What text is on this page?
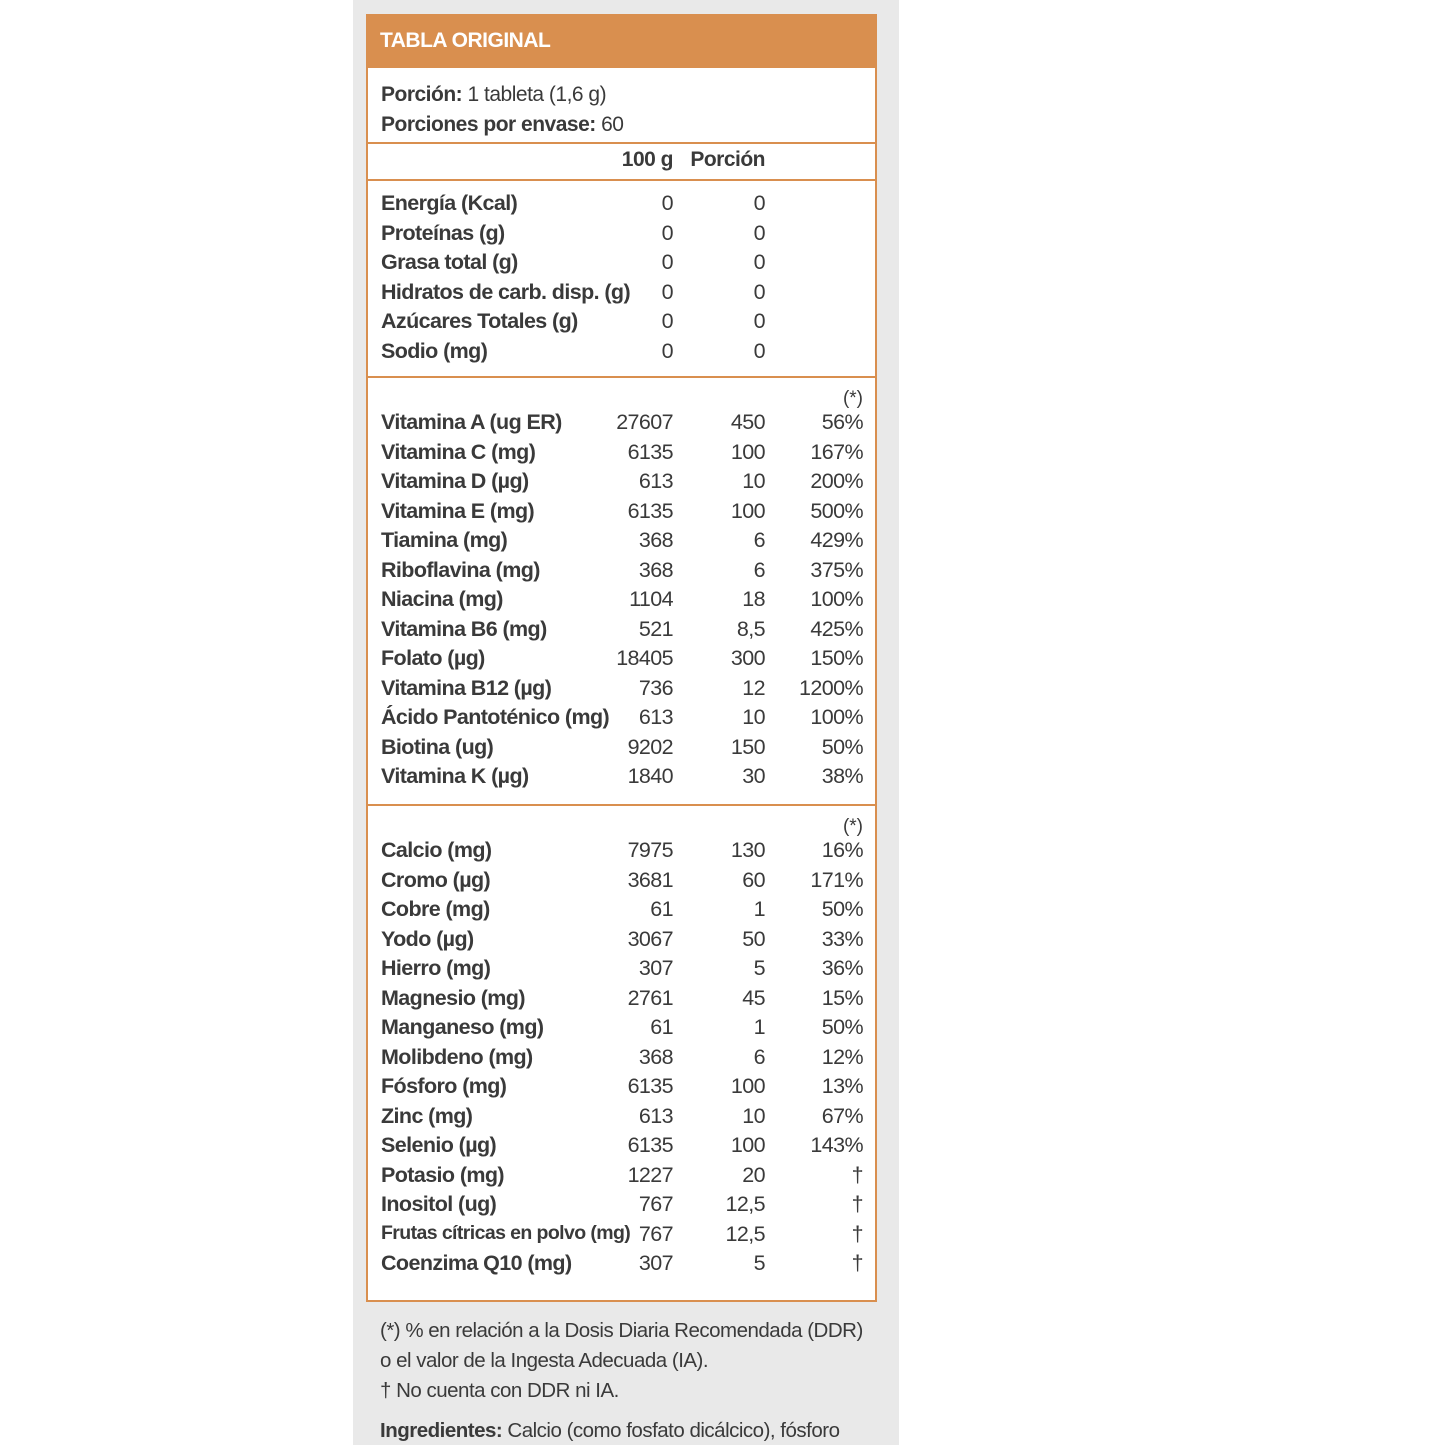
TABLA ORIGINAL
Porción: 1 tableta (1,6 g)
Porciones por envase: 60
100 g Porción
Energía (Kcal)	0	0
Proteínas (g)	0	0
Grasa total (g)	0	0
Hidratos de carb. disp. (g) 0	0
Azúcares Totales (g)	0	0
Sodio (mg)	0	0
(*)
Vitamina A (ug ER)	27607	450	56%
Vitamina C (mg)	6135	100 167%
Vitamina D (µg)	613	10 200%
Vitamina E (mg)	6135	100 500%
Tiamina (mg)	368	6 429%
Riboflavina (mg)	368	6 375%
Niacina (mg)	1104	18 100%
Vitamina B6 (mg)	521	8,5 425%
Folato (µg)	18405	300 150%
Vitamina B12 (µg)	736	12 1200%
Ácido Pantoténico (mg) 613	10 100%
Biotina (ug)	9202	150	50%
Vitamina K (µg)	1840	30	38%
(*)
Calcio (mg)	7975	130	16%
Cromo (µg)	3681	60 171%
Cobre (mg)	61	1	50%
Yodo (µg)	3067	50	33%
Hierro (mg)	307	5	36%
Magnesio (mg)	2761	45	15%
Manganeso (mg)	61	1	50%
Molibdeno (mg)	368	6	12%
Fósforo (mg)	6135	100	13%
Zinc (mg)	613	10	67%
Selenio (µg)	6135	100 143%
Potasio (mg)	1227	20	†
Inositol (ug)	767 12,5	†
Frutas cítricas en polvo (mg) 767 12,5	†
Coenzima Q10 (mg)	307	5	†
(*) % en relación a la Dosis Diaria Recomendada (DDR)
o el valor de la Ingesta Adecuada (IA).
† No cuenta con DDR ni IA.
Ingredientes: Calcio (como fosfato dicálcico), fósforo
